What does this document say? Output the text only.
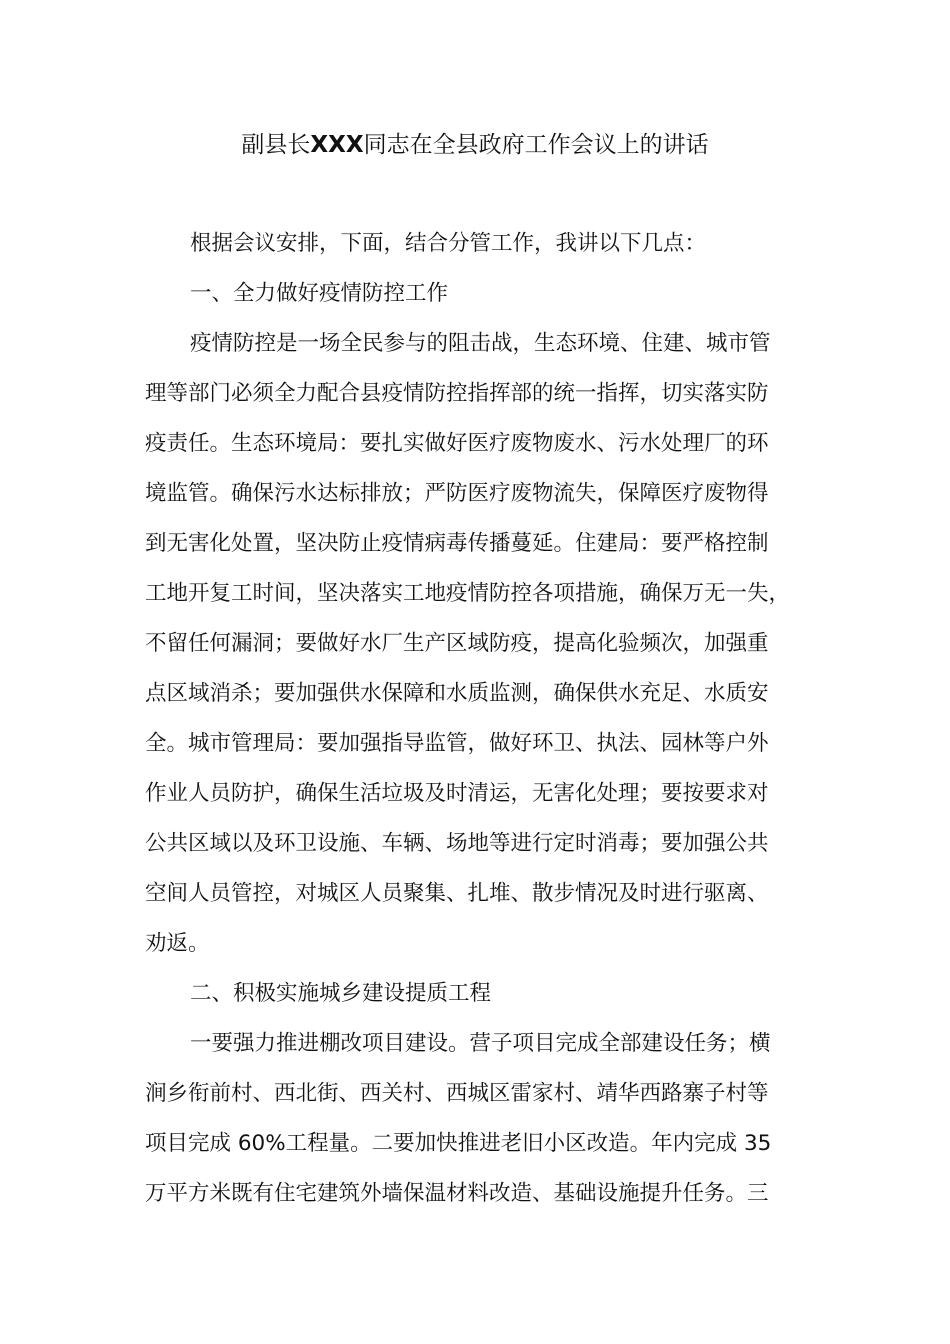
副县长XXX同志在全县政府工作会议上的讲话
根据会议安排，下面，结合分管工作，我讲以下几点：
一、全力做好疫情防控工作
疫情防控是一场全民参与的阻击战，生态环境、住建、城市管
理等部门必须全力配合县疫情防控指挥部的统一指挥，切实落实防
疫责任。生态环境局：要扎实做好医疗废物废水、污水处理厂的环
境监管。确保污水达标排放；严防医疗废物流失，保障医疗废物得
到无害化处置，坚决防止疫情病毒传播蔓延。住建局：要严格控制
工地开复工时间，坚决落实工地疫情防控各项措施，确保万无一失，
不留任何漏洞；要做好水厂生产区域防疫，提高化验频次，加强重
点区域消杀；要加强供水保障和水质监测，确保供水充足、水质安
全。城市管理局：要加强指导监管，做好环卫、执法、园林等户外
作业人员防护，确保生活垃圾及时清运，无害化处理；要按要求对
公共区域以及环卫设施、车辆、场地等进行定时消毒；要加强公共
空间人员管控，对城区人员聚集、扎堆、散步情况及时进行驱离、
劝返。
二、积极实施城乡建设提质工程
一要强力推进棚改项目建设。营子项目完成全部建设任务；横
涧乡衔前村、西北街、西关村、西城区雷家村、靖华西路寨子村等
项目完成 60%工程量。二要加快推进老旧小区改造。年内完成 35
万平方米既有住宅建筑外墙保温材料改造、基础设施提升任务。三
